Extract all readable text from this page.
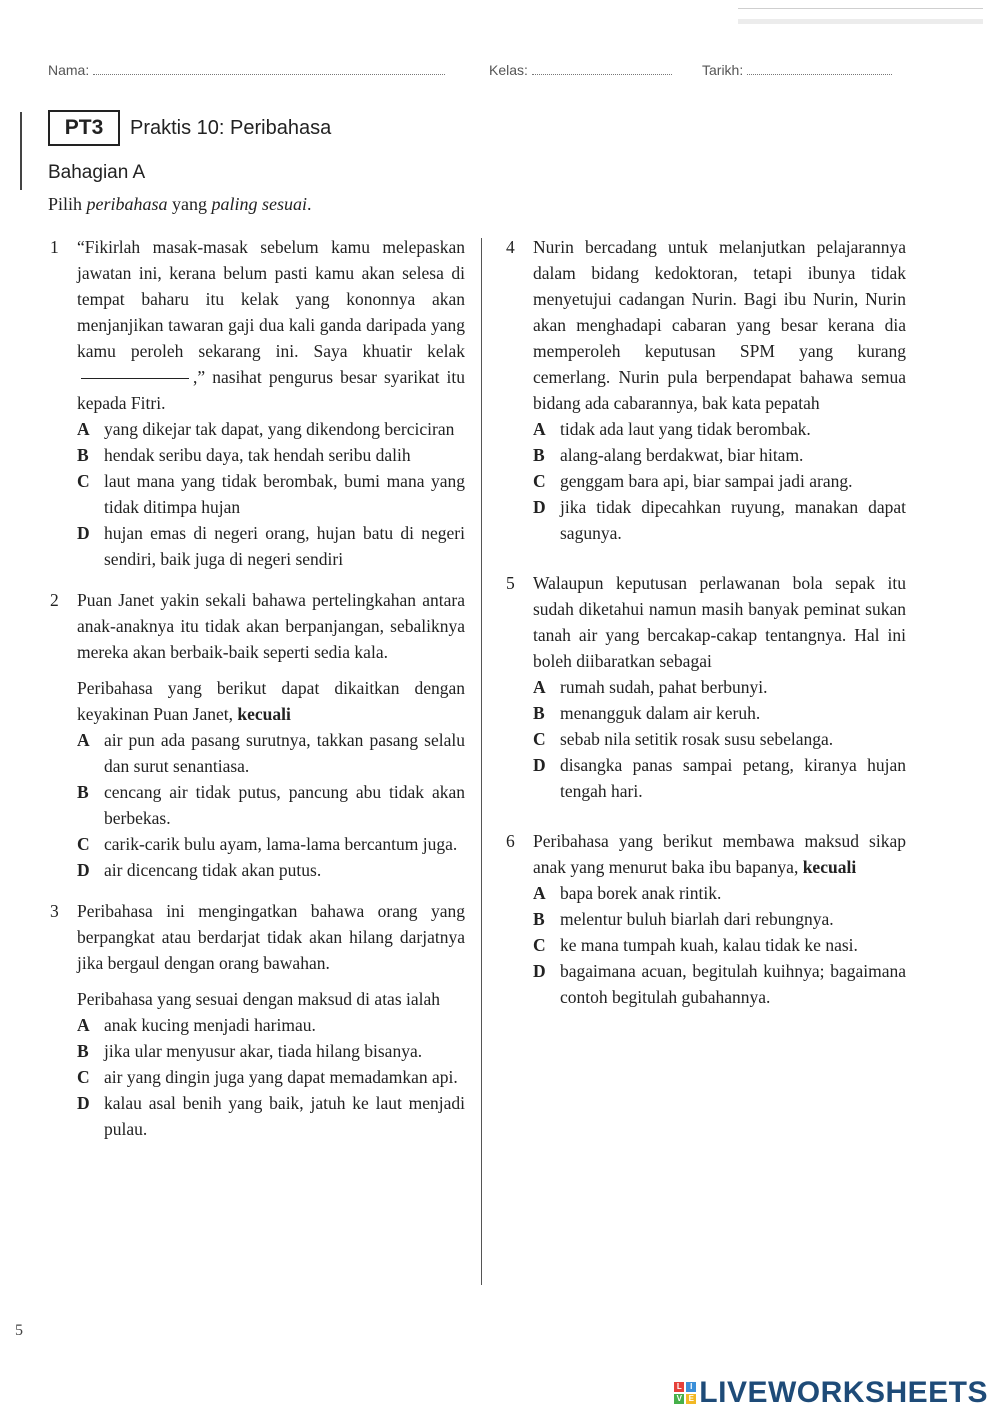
Nama:	Kelas:	Tarikh:
PT3	Praktis 10: Peribahasa
Bahagian A
Pilih peribahasa yang paling sesuai.
1	“Fikirlah masak-masak sebelum kamu melepaskan jawatan ini, kerana belum pasti kamu akan selesa di tempat baharu itu kelak yang kononnya akan menjanjikan tawaran gaji dua kali ganda daripada yang kamu peroleh sekarang ini. Saya khuatir kelak ,” nasihat pengurus besar syarikat itu kepada Fitri.

A yang dikejar tak dapat, yang dikendong berciciran
B hendak seribu daya, tak hendah seribu dalih
C laut mana yang tidak berombak, bumi mana yang tidak ditimpa hujan
D hujan emas di negeri orang, hujan batu di negeri sendiri, baik juga di negeri sendiri
2	Puan Janet yakin sekali bahawa pertelingkahan antara anak-anaknya itu tidak akan berpanjangan, sebaliknya mereka akan berbaik-baik seperti sedia kala.

Peribahasa yang berikut dapat dikaitkan dengan keyakinan Puan Janet, kecuali

A air pun ada pasang surutnya, takkan pasang selalu dan surut senantiasa.
B cencang air tidak putus, pancung abu tidak akan berbekas.
C carik-carik bulu ayam, lama-lama bercantum juga.
D air dicencang tidak akan putus.
3	Peribahasa ini mengingatkan bahawa orang yang berpangkat atau berdarjat tidak akan hilang darjatnya jika bergaul dengan orang bawahan.

Peribahasa yang sesuai dengan maksud di atas ialah

A anak kucing menjadi harimau.
B jika ular menyusur akar, tiada hilang bisanya.
C air yang dingin juga yang dapat memadamkan api.
D kalau asal benih yang baik, jatuh ke laut menjadi pulau.
4	Nurin bercadang untuk melanjutkan pelajarannya dalam bidang kedoktoran, tetapi ibunya tidak menyetujui cadangan Nurin. Bagi ibu Nurin, Nurin akan menghadapi cabaran yang besar kerana dia memperoleh keputusan SPM yang kurang cemerlang. Nurin pula berpendapat bahawa semua bidang ada cabarannya, bak kata pepatah

A tidak ada laut yang tidak berombak.
B alang-alang berdakwat, biar hitam.
C genggam bara api, biar sampai jadi arang.
D jika tidak dipecahkan ruyung, manakan dapat sagunya.
5	Walaupun keputusan perlawanan bola sepak itu sudah diketahui namun masih banyak peminat sukan tanah air yang bercakap-cakap tentangnya. Hal ini boleh diibaratkan sebagai

A rumah sudah, pahat berbunyi.
B menangguk dalam air keruh.
C sebab nila setitik rosak susu sebelanga.
D disangka panas sampai petang, kiranya hujan tengah hari.
6	Peribahasa yang berikut membawa maksud sikap anak yang menurut baka ibu bapanya, kecuali

A bapa borek anak rintik.
B melentur buluh biarlah dari rebungnya.
C ke mana tumpah kuah, kalau tidak ke nasi.
D bagaimana acuan, begitulah kuihnya; bagaimana contoh begitulah gubahannya.
5
L	I
V E LIVEWORKSHEETS
